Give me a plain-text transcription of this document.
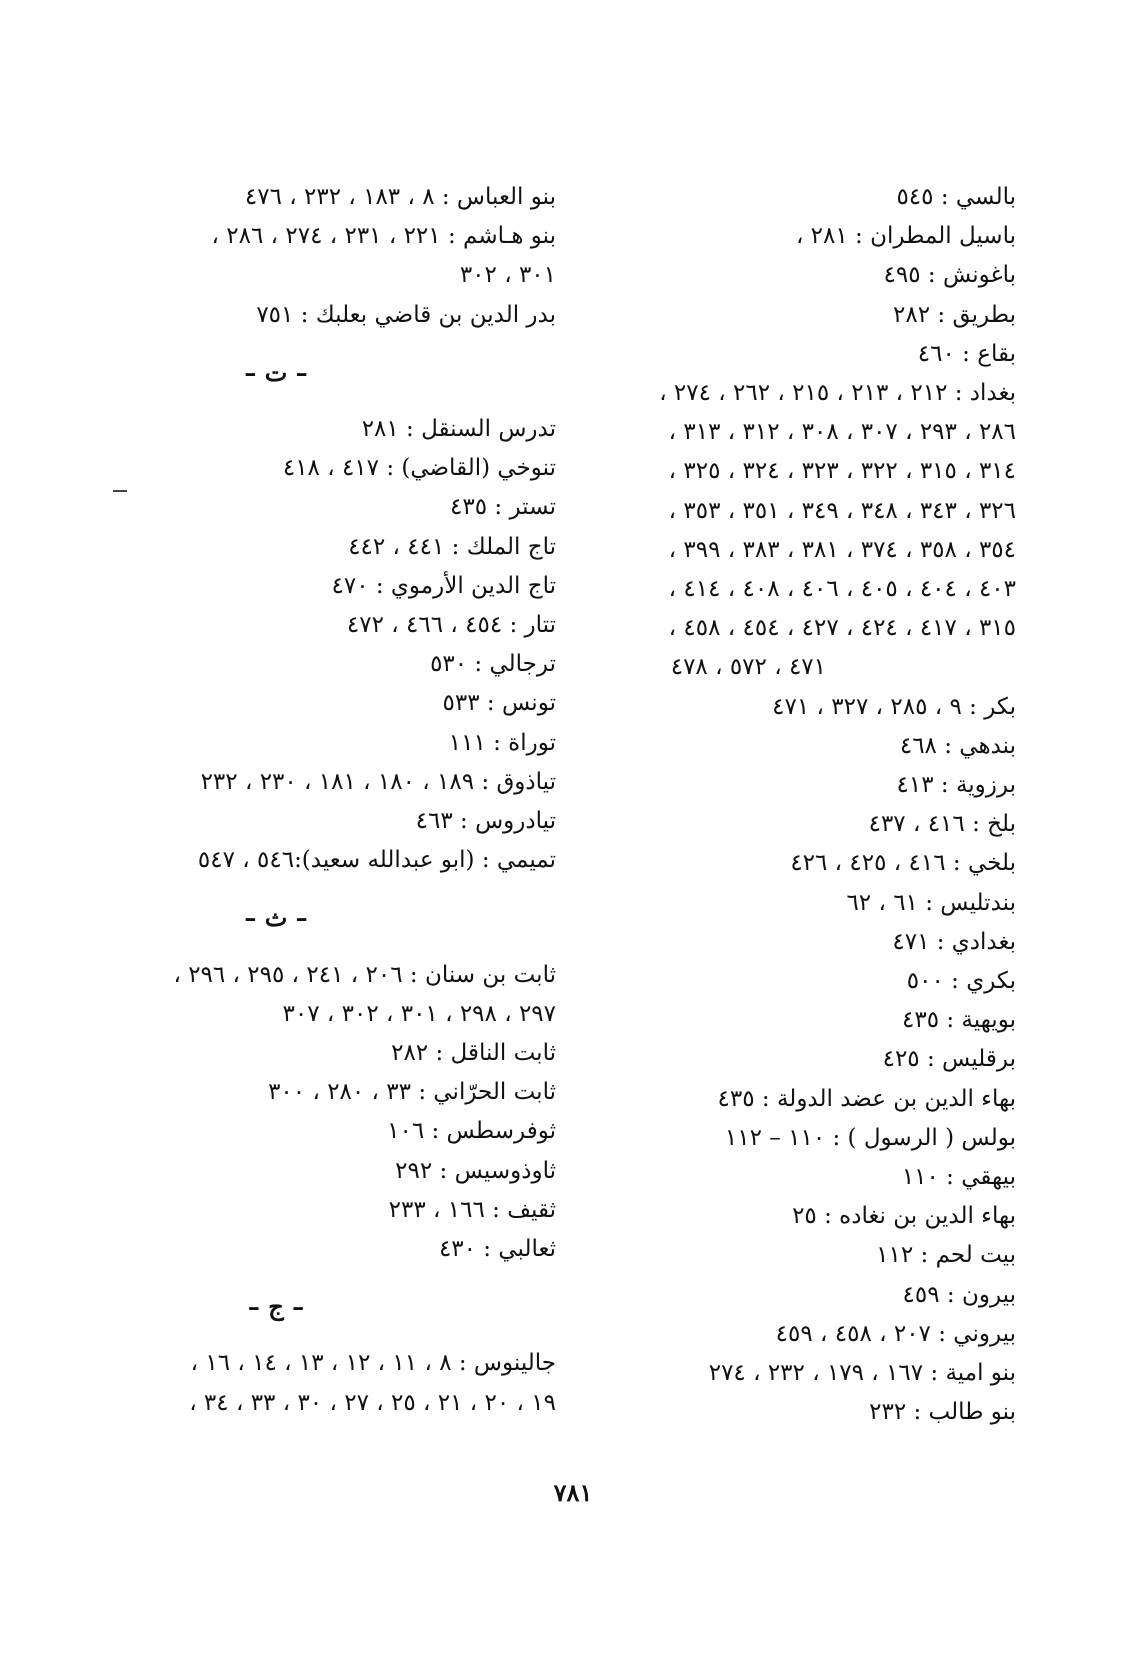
بالسي : ٥٤٥

باسيل المطران : ٢٨١ ،

باغونش : ٤٩٥

بطريق : ٢٨٢

بقاع : ٤٦٠

بغداد : ٢١٢ ، ٢١٣ ، ٢١٥ ، ٢٦٢ ، ٢٧٤ ،

٢٨٦ ، ٢٩٣ ، ٣٠٧ ، ٣٠٨ ، ٣١٢ ، ٣١٣ ،

٣١٤ ، ٣١٥ ، ٣٢٢ ، ٣٢٣ ، ٣٢٤ ، ٣٢٥ ،

٣٢٦ ، ٣٤٣ ، ٣٤٨ ، ٣٤٩ ، ٣٥١ ، ٣٥٣ ،

٣٥٤ ، ٣٥٨ ، ٣٧٤ ، ٣٨١ ، ٣٨٣ ، ٣٩٩ ،

٤٠٣ ، ٤٠٤ ، ٤٠٥ ، ٤٠٦ ، ٤٠٨ ، ٤١٤ ،

٣١٥ ، ٤١٧ ، ٤٢٤ ، ٤٢٧ ، ٤٥٤ ، ٤٥٨ ،

٤٧١ ، ٥٧٢ ، ٤٧٨

بكر : ٩ ، ٢٨٥ ، ٣٢٧ ، ٤٧١

بندهي : ٤٦٨

برزوية : ٤١٣

بلخ : ٤١٦ ، ٤٣٧

بلخي : ٤١٦ ، ٤٢٥ ، ٤٢٦

بندتليس : ٦١ ، ٦٢

بغدادي : ٤٧١

بكري : ٥٠٠

بويهية : ٤٣٥

برقليس : ٤٢٥

بهاء الدين بن عضد الدولة : ٤٣٥

بولس ( الرسول ) : ١١٠ – ١١٢

بيهقي : ١١٠

بهاء الدين بن نغاده : ٢٥

بيت لحم : ١١٢

بيرون : ٤٥٩

بيروني : ٢٠٧ ، ٤٥٨ ، ٤٥٩

بنو امية : ١٦٧ ، ١٧٩ ، ٢٣٢ ، ٢٧٤

بنو طالب : ٢٣٢

بنو العباس : ٨ ، ١٨٣ ، ٢٣٢ ، ٤٧٦

بنو هـاشم : ٢٢١ ، ٢٣١ ، ٢٧٤ ، ٢٨٦ ،

٣٠١ ، ٣٠٢

بدر الدين بن قاضي بعلبك : ٧٥١

– ت –

تدرس السنقل : ٢٨١

تنوخي (القاضي) : ٤١٧ ، ٤١٨

تستر : ٤٣٥

تاج الملك : ٤٤١ ، ٤٤٢

تاج الدين الأرموي : ٤٧٠

تتار : ٤٥٤ ، ٤٦٦ ، ٤٧٢

ترجالي : ٥٣٠

تونس : ٥٣٣

توراة : ١١١

تياذوق : ١٨٩ ، ١٨٠ ، ١٨١ ، ٢٣٠ ، ٢٣٢

تيادروس : ٤٦٣

تميمي : (ابو عبدالله سعيد):٥٤٦ ، ٥٤٧

– ث –

ثابت بن سنان : ٢٠٦ ، ٢٤١ ، ٢٩٥ ، ٢٩٦ ،

٢٩٧ ، ٢٩٨ ، ٣٠١ ، ٣٠٢ ، ٣٠٧

ثابت الناقل : ٢٨٢

ثابت الحرّاني : ٣٣ ، ٢٨٠ ، ٣٠٠

ثوفرسطس : ١٠٦

ثاوذوسيس : ٢٩٢

ثقيف : ١٦٦ ، ٢٣٣

ثعالبي : ٤٣٠

– ج –

جالينوس : ٨ ، ١١ ، ١٢ ، ١٣ ، ١٤ ، ١٦ ،

١٩ ، ٢٠ ، ٢١ ، ٢٥ ، ٢٧ ، ٣٠ ، ٣٣ ، ٣٤ ،

٧٨١
